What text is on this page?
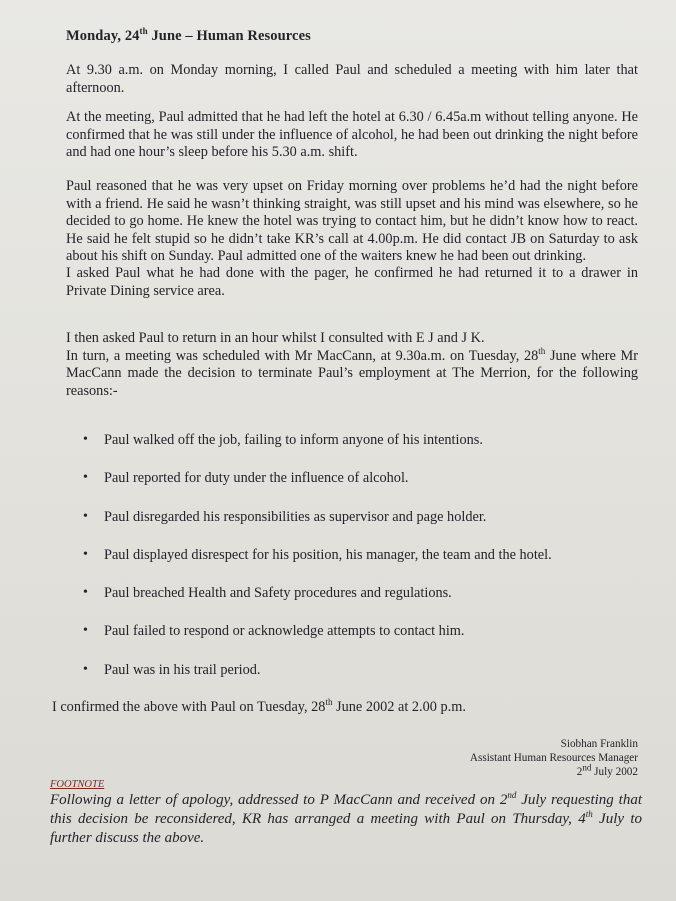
Monday, 24th June – Human Resources
At 9.30 a.m. on Monday morning, I called Paul and scheduled a meeting with him later that afternoon.
At the meeting, Paul admitted that he had left the hotel at 6.30 / 6.45a.m without telling anyone. He confirmed that he was still under the influence of alcohol, he had been out drinking the night before and had one hour’s sleep before his 5.30 a.m. shift.
Paul reasoned that he was very upset on Friday morning over problems he’d had the night before with a friend. He said he wasn’t thinking straight, was still upset and his mind was elsewhere, so he decided to go home. He knew the hotel was trying to contact him, but he didn’t know how to react. He said he felt stupid so he didn’t take KR’s call at 4.00p.m. He did contact JB on Saturday to ask about his shift on Sunday. Paul admitted one of the waiters knew he had been out drinking.
I asked Paul what he had done with the pager, he confirmed he had returned it to a drawer in Private Dining service area.
I then asked Paul to return in an hour whilst I consulted with E J and J K.
In turn, a meeting was scheduled with Mr MacCann, at 9.30a.m. on Tuesday, 28th June where Mr MacCann made the decision to terminate Paul’s employment at The Merrion, for the following reasons:-
• Paul walked off the job, failing to inform anyone of his intentions.
• Paul reported for duty under the influence of alcohol.
• Paul disregarded his responsibilities as supervisor and page holder.
• Paul displayed disrespect for his position, his manager, the team and the hotel.
• Paul breached Health and Safety procedures and regulations.
• Paul failed to respond or acknowledge attempts to contact him.
• Paul was in his trail period.
I confirmed the above with Paul on Tuesday, 28th June 2002 at 2.00 p.m.
Siobhan Franklin
Assistant Human Resources Manager
2nd July 2002
FOOTNOTE
Following a letter of apology, addressed to P MacCann and received on 2nd July requesting that this decision be reconsidered, KR has arranged a meeting with Paul on Thursday, 4th July to further discuss the above.
